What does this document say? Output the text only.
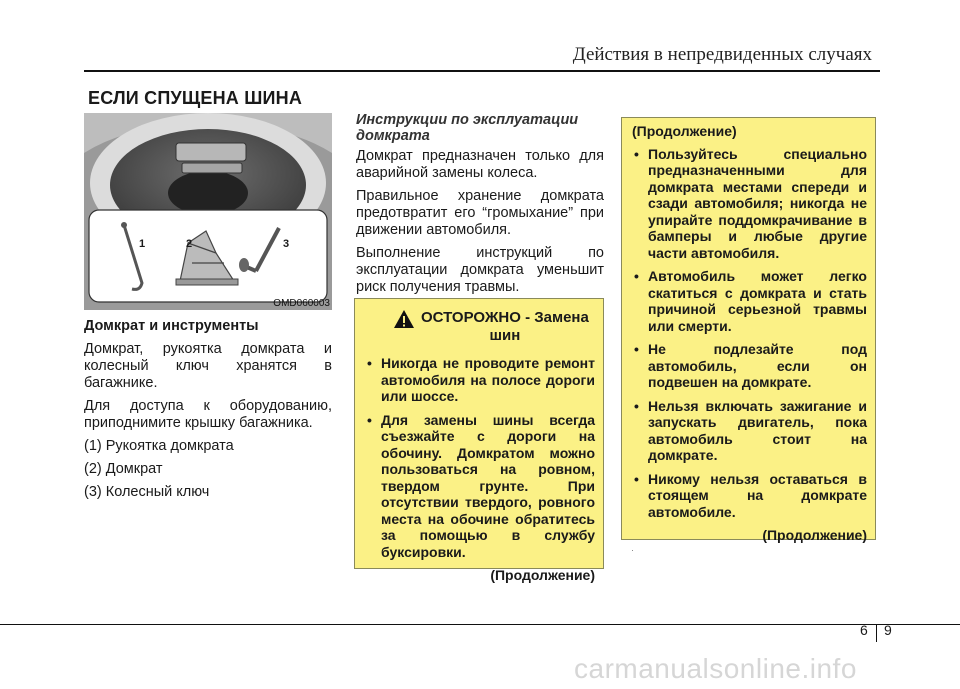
Действия в непредвиденных случаях
ЕСЛИ СПУЩЕНА ШИНА
1	2	3
OMD060003
Домкрат и инструменты

Домкрат, рукоятка домкрата и колесный ключ хранятся в багажнике.

Для доступа к оборудованию, приподнимите крышку багажника.

(1) Рукоятка домкрата

(2) Домкрат

(3) Колесный ключ

Инструкции по эксплуатации домкрата

Домкрат предназначен только для аварийной замены колеса.

Правильное хранение домкрата предотвратит его “громыхание” при движении автомобиля.

Выполнение инструкций по эксплуатации домкрата уменьшит риск получения травмы.

ОСТОРОЖНО - Замена
шин
• Никогда не проводите ремонт автомобиля на полосе дороги или шоссе.
• Для замены шины всегда съезжайте с дороги на обочину. Домкратом можно пользоваться на ровном, твердом грунте. При отсутствии твердого, ровного места на обочине обратитесь за помощью в службу буксировки.
(Продолжение)
(Продолжение)
• Пользуйтесь специально предназначенными для домкрата местами спереди и сзади автомобиля; никогда не упирайте поддомкрачивание в бамперы и любые другие части автомобиля.
• Автомобиль может легко скатиться с домкрата и стать причиной серьезной травмы или смерти.
• Не подлезайте под автомобиль, если он подвешен на домкрате.
• Нельзя включать зажигание и запускать двигатель, пока автомобиль стоит на домкрате.
• Никому нельзя оставаться в стоящем на домкрате автомобиле.
(Продолжение)
·
6 9
carmanualsonline.info
